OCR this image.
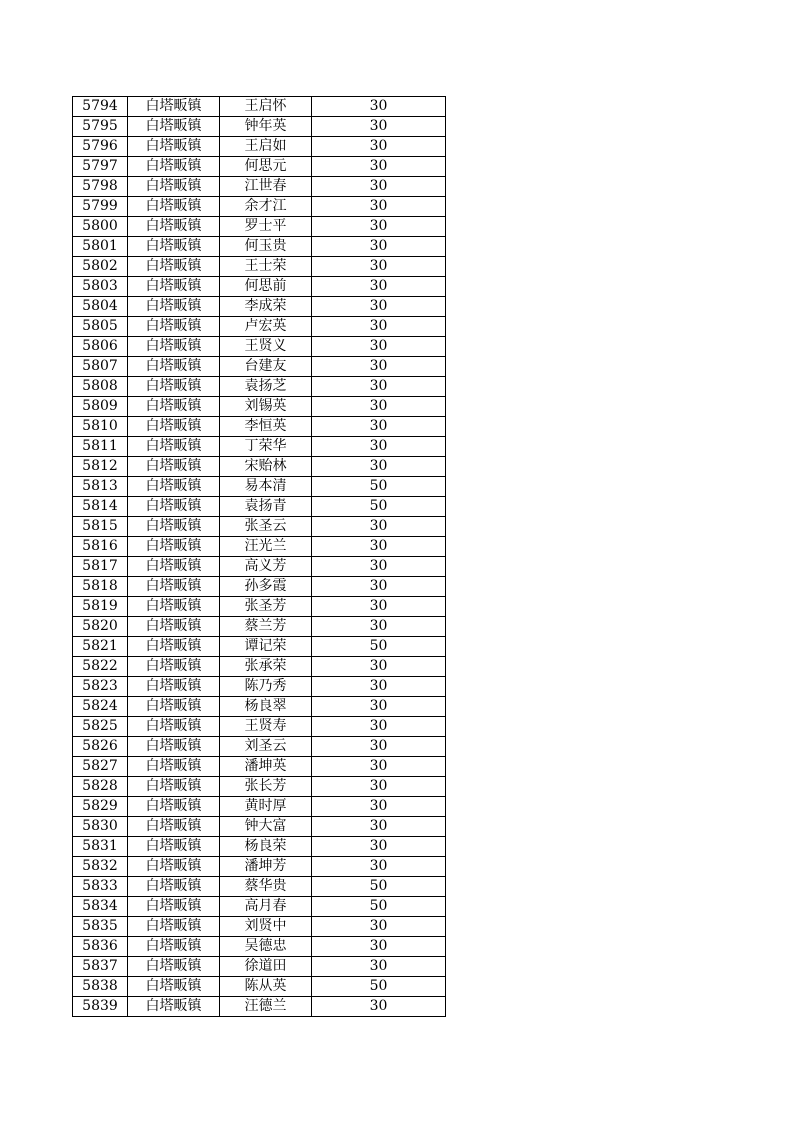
5794	白塔畈镇	王启怀	30
5795	白塔畈镇	钟年英	30
5796	白塔畈镇	王启如	30
5797	白塔畈镇	何思元	30
5798	白塔畈镇	江世春	30
5799	白塔畈镇	余才江	30
5800	白塔畈镇	罗士平	30
5801	白塔畈镇	何玉贵	30
5802	白塔畈镇	王士荣	30
5803	白塔畈镇	何思前	30
5804	白塔畈镇	李成荣	30
5805	白塔畈镇	卢宏英	30
5806	白塔畈镇	王贤义	30
5807	白塔畈镇	台建友	30
5808	白塔畈镇	袁扬芝	30
5809	白塔畈镇	刘锡英	30
5810	白塔畈镇	李恒英	30
5811	白塔畈镇	丁荣华	30
5812	白塔畈镇	宋贻林	30
5813	白塔畈镇	易本清	50
5814	白塔畈镇	袁扬青	50
5815	白塔畈镇	张圣云	30
5816	白塔畈镇	汪光兰	30
5817	白塔畈镇	高义芳	30
5818	白塔畈镇	孙多霞	30
5819	白塔畈镇	张圣芳	30
5820	白塔畈镇	蔡兰芳	30
5821	白塔畈镇	谭记荣	50
5822	白塔畈镇	张承荣	30
5823	白塔畈镇	陈乃秀	30
5824	白塔畈镇	杨良翠	30
5825	白塔畈镇	王贤寿	30
5826	白塔畈镇	刘圣云	30
5827	白塔畈镇	潘坤英	30
5828	白塔畈镇	张长芳	30
5829	白塔畈镇	黄时厚	30
5830	白塔畈镇	钟大富	30
5831	白塔畈镇	杨良荣	30
5832	白塔畈镇	潘坤芳	30
5833	白塔畈镇	蔡华贵	50
5834	白塔畈镇	高月春	50
5835	白塔畈镇	刘贤中	30
5836	白塔畈镇	吴德忠	30
5837	白塔畈镇	徐道田	30
5838	白塔畈镇	陈从英	50
5839	白塔畈镇	汪德兰	30
